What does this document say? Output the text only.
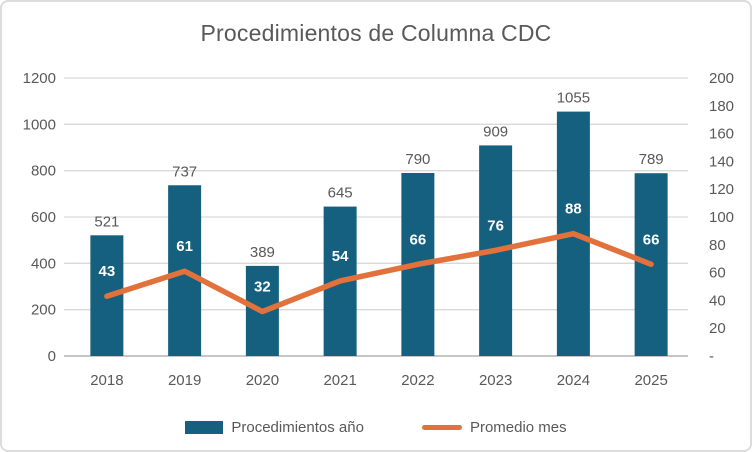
Procedimientos de Columna CDC
0
200
400
600
800
1000
1200
-
20
40
60
80
100
120
140
160
180
200
2018	2019	2020	2021	2022	2023	2024	2025
521
737
389
645
790
909
1055
789
43
61
32
54
66
76
88
66
Procedimientos año	Promedio mes
